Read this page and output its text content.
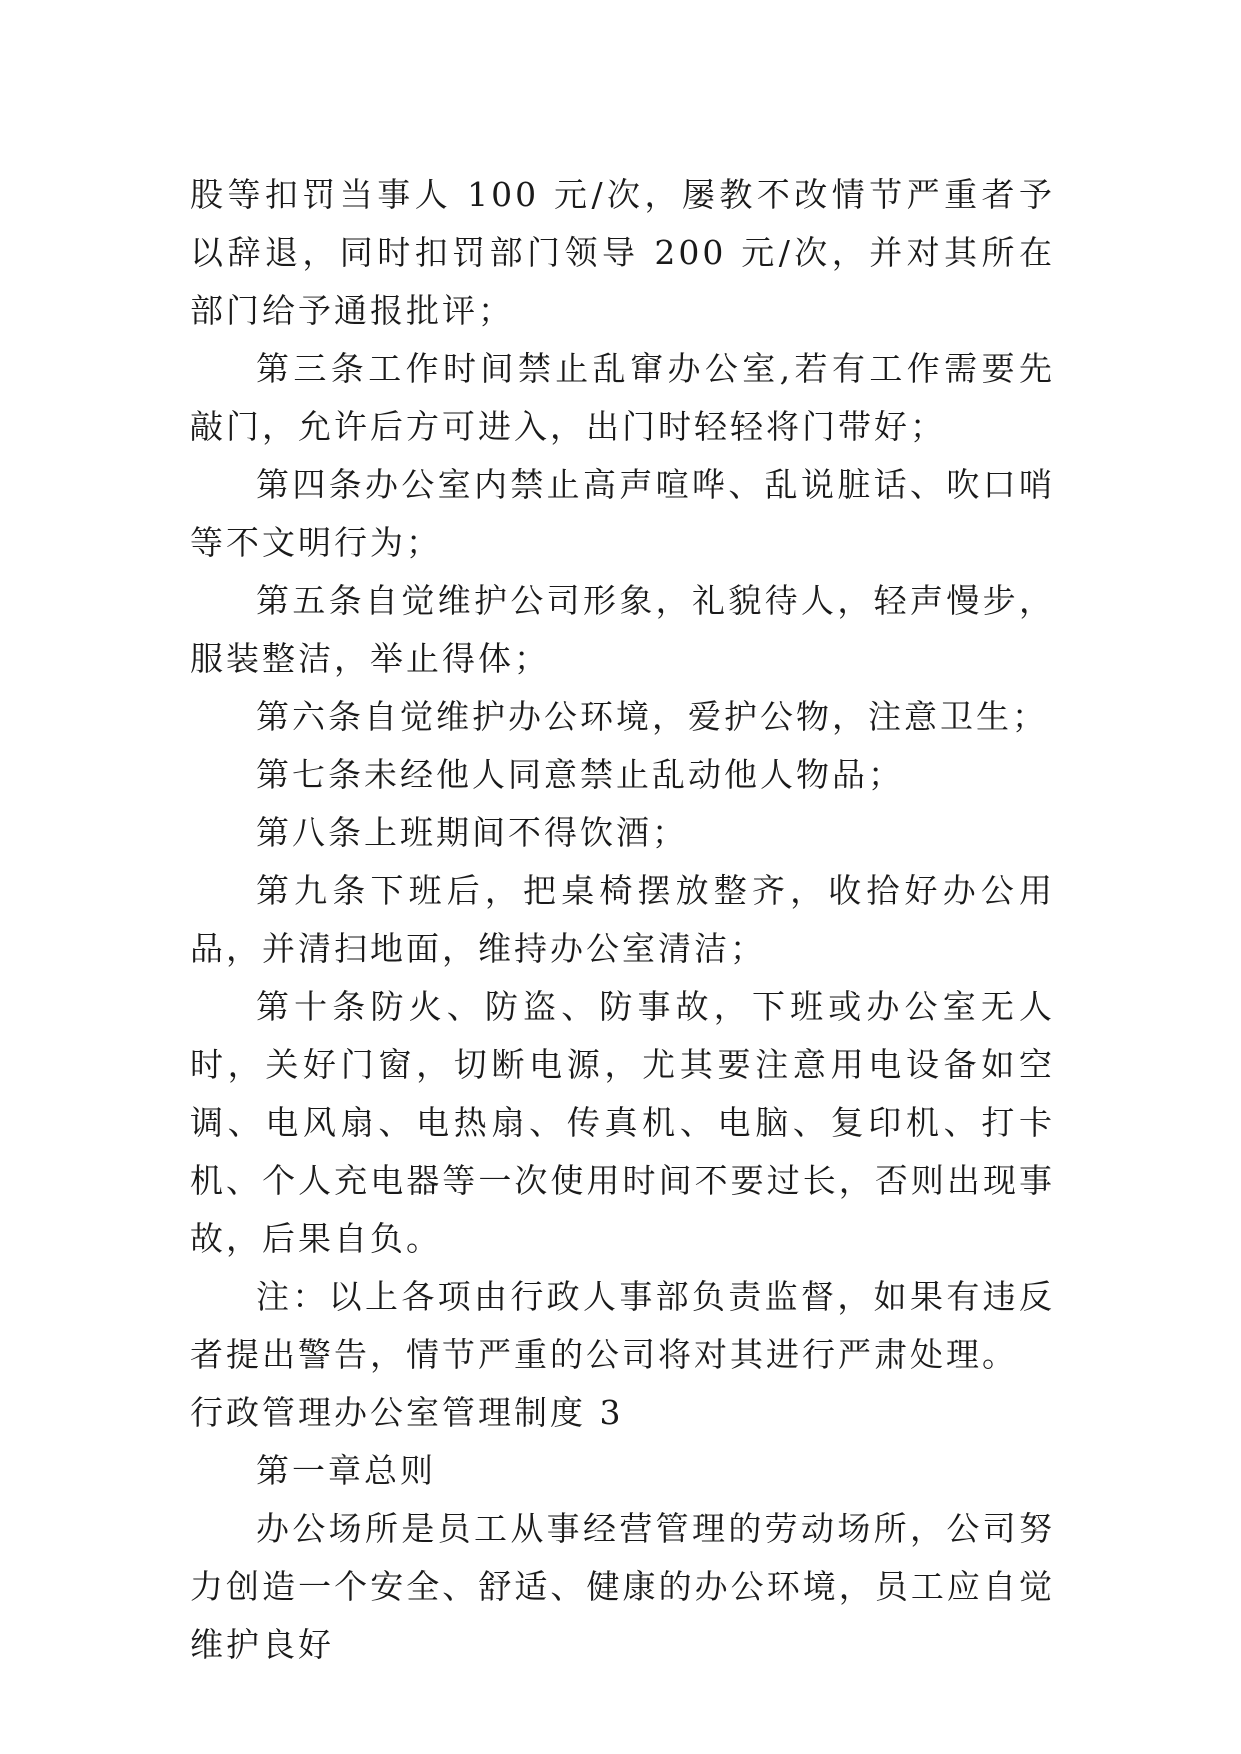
股等扣罚当事人 100 元/次，屡教不改情节严重者予以辞退，同时扣罚部门领导 200 元/次，并对其所在部门给予通报批评；

第三条工作时间禁止乱窜办公室,若有工作需要先敲门，允许后方可进入，出门时轻轻将门带好；

第四条办公室内禁止高声喧哗、乱说脏话、吹口哨等不文明行为；

第五条自觉维护公司形象，礼貌待人，轻声慢步，服装整洁，举止得体；

第六条自觉维护办公环境，爱护公物，注意卫生；

第七条未经他人同意禁止乱动他人物品；

第八条上班期间不得饮酒；

第九条下班后，把桌椅摆放整齐，收拾好办公用品，并清扫地面，维持办公室清洁；

第十条防火、防盗、防事故，下班或办公室无人时，关好门窗，切断电源，尤其要注意用电设备如空调、电风扇、电热扇、传真机、电脑、复印机、打卡机、个人充电器等一次使用时间不要过长，否则出现事故，后果自负。

注：以上各项由行政人事部负责监督，如果有违反者提出警告，情节严重的公司将对其进行严肃处理。

行政管理办公室管理制度 3

第一章总则

办公场所是员工从事经营管理的劳动场所，公司努力创造一个安全、舒适、健康的办公环境，员工应自觉维护良好
